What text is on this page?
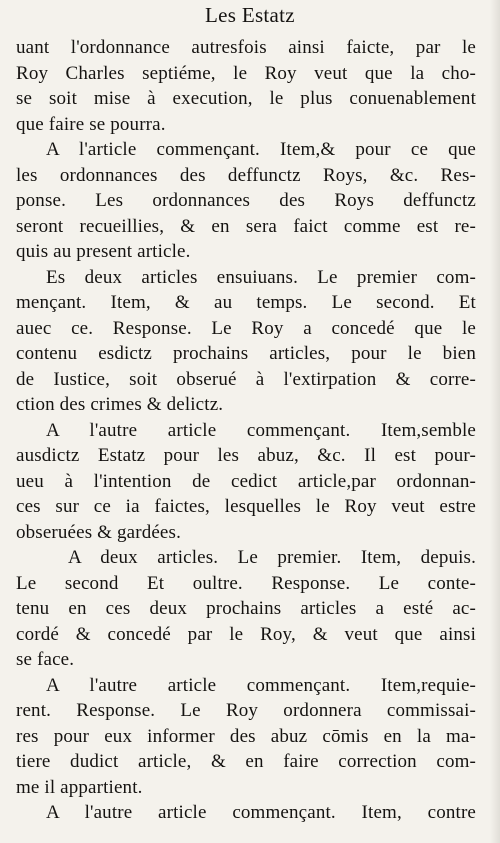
Les Estatz
uant l'ordonnance autresfois ainsi faicte, par le
Roy Charles septiéme, le Roy veut que la cho-
se soit mise à execution, le plus conuenablement
que faire se pourra.
A l'article commençant. Item,& pour ce que
les ordonnances des deffunctz Roys, &c. Res-
ponse. Les ordonnances des Roys deffunctz
seront recueillies, & en sera faict comme est re-
quis au present article.
Es deux articles ensuiuans. Le premier com-
mençant. Item, & au temps. Le second. Et
auec ce. Response. Le Roy a concedé que le
contenu esdictz prochains articles, pour le bien
de Iustice, soit obserué à l'extirpation & corre-
ction des crimes & delictz.
A l'autre article commençant. Item,semble
ausdictz Estatz pour les abuz, &c. Il est pour-
ueu à l'intention de cedict article,par ordonnan-
ces sur ce ia faictes, lesquelles le Roy veut estre
obseruées & gardées.
A deux articles. Le premier. Item, depuis.
Le second Et oultre. Response. Le conte-
tenu en ces deux prochains articles a esté ac-
cordé & concedé par le Roy, & veut que ainsi
se face.
A l'autre article commençant. Item,requie-
rent. Response. Le Roy ordonnera commissai-
res pour eux informer des abuz cōmis en la ma-
tiere dudict article, & en faire correction com-
me il appartient.
A l'autre article commençant. Item, contre
